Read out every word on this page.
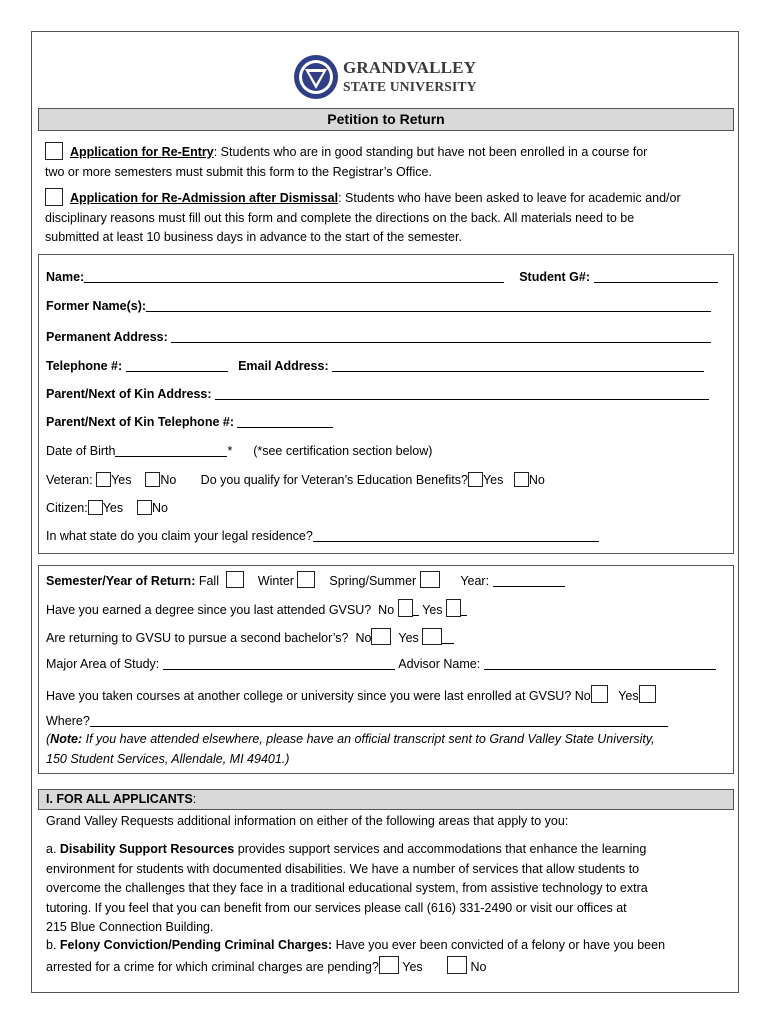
GRANDVALLEY
STATE UNIVERSITY
Petition to Return
Application for Re-Entry: Students who are in good standing but have not been enrolled in a course for
two or more semesters must submit this form to the Registrar’s Office.
Application for Re-Admission after Dismissal: Students who have been asked to leave for academic and/or
disciplinary reasons must fill out this form and complete the directions on the back. All materials need to be
submitted at least 10 business days in advance to the start of the semester.
Name:	Student G#:
Former Name(s):
Permanent Address:
Telephone #:	Email Address:
Parent/Next of Kin Address:
Parent/Next of Kin Telephone #:
Date of Birth	* (*see certification section below)
Veteran: Yes No Do you qualify for Veteran’s Education Benefits? Yes No
Citizen: Yes No
In what state do you claim your legal residence?
Semester/Year of Return: Fall	Winter	Spring/Summer	Year:
Have you earned a degree since you last attended GVSU? No Yes
Are returning to GVSU to pursue a second bachelor’s? No Yes
Major Area of Study:	Advisor Name:
Have you taken courses at another college or university since you were last enrolled at GVSU? No Yes
Where?
(Note: If you have attended elsewhere, please have an official transcript sent to Grand Valley State University,
150 Student Services, Allendale, MI 49401.)
I. FOR ALL APPLICANTS:
Grand Valley Requests additional information on either of the following areas that apply to you:
a. Disability Support Resources provides support services and accommodations that enhance the learning
environment for students with documented disabilities. We have a number of services that allow students to
overcome the challenges that they face in a traditional educational system, from assistive technology to extra
tutoring. If you feel that you can benefit from our services please call (616) 331-2490 or visit our offices at
215 Blue Connection Building.
b. Felony Conviction/Pending Criminal Charges: Have you ever been convicted of a felony or have you been
arrested for a crime for which criminal charges are pending? Yes	No
